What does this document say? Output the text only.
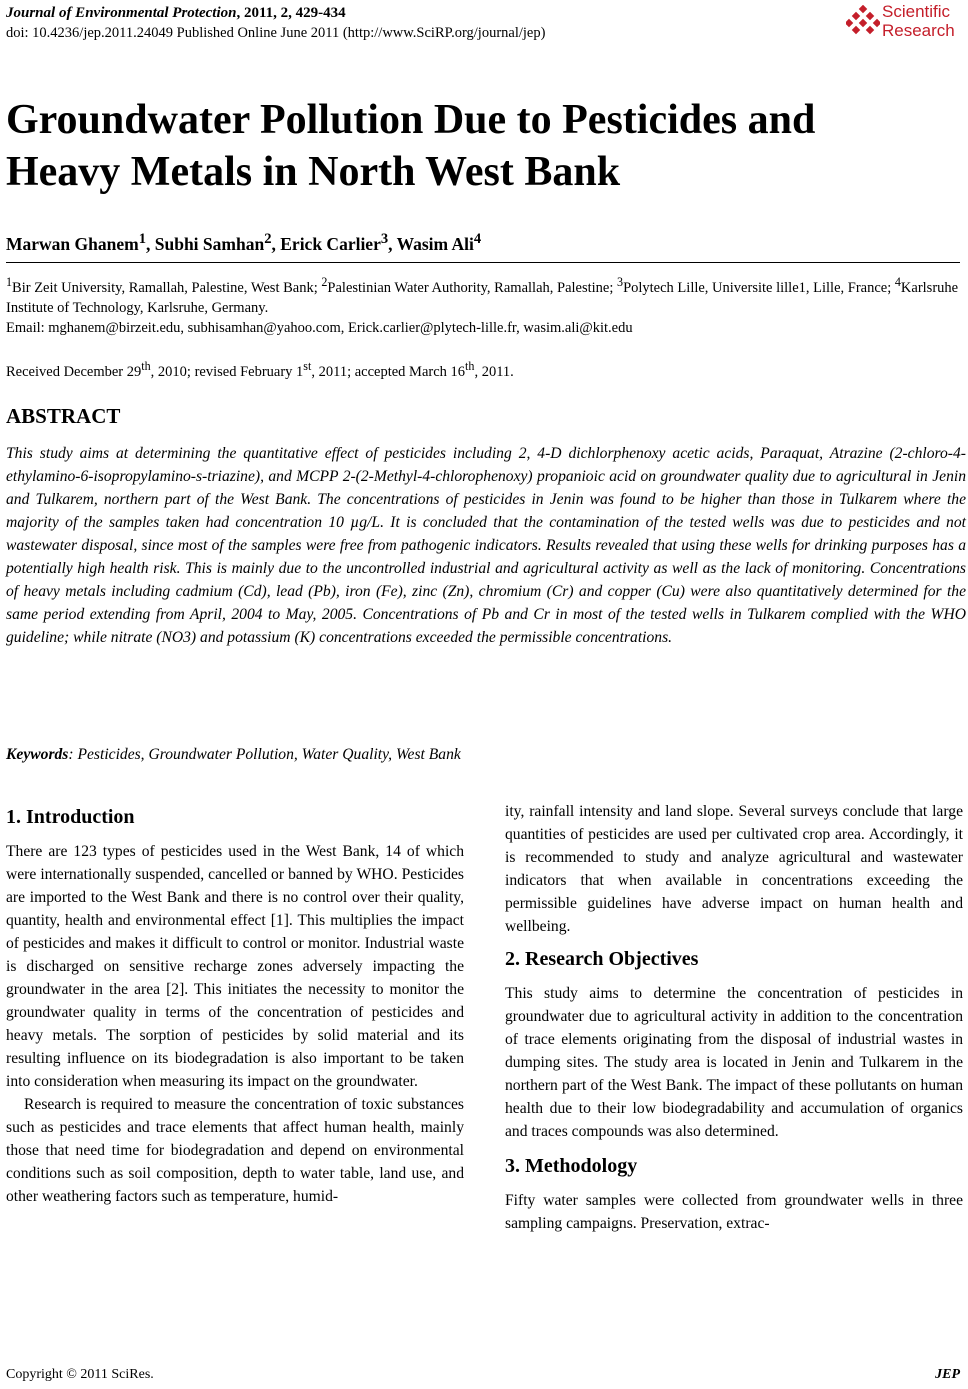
Journal of Environmental Protection, 2011, 2, 429-434
doi: 10.4236/jep.2011.24049 Published Online June 2011 (http://www.SciRP.org/journal/jep)
Scientific
Research
Groundwater Pollution Due to Pesticides and
Heavy Metals in North West Bank
Marwan Ghanem$^1$, Subhi Samhan$^2$, Erick Carlier$^3$, Wasim Ali$^4$
$^1$Bir Zeit University, Ramallah, Palestine, West Bank; $^2$Palestinian Water Authority, Ramallah, Palestine; $^3$Polytech Lille, Universite lille1, Lille, France; $^4$Karlsruhe Institute of Technology, Karlsruhe, Germany.
Email: mghanem@birzeit.edu, subhisamhan@yahoo.com, Erick.carlier@plytech-lille.fr, wasim.ali@kit.edu
Received December 29th, 2010; revised February 1st, 2011; accepted March 16th, 2011.
ABSTRACT
This study aims at determining the quantitative effect of pesticides including 2, 4-D dichlorphenoxy acetic acids, Paraquat, Atrazine (2-chloro-4-ethylamino-6-isopropylamino-s-triazine), and MCPP 2-(2-Methyl-4-chlorophenoxy) propanioic acid on groundwater quality due to agricultural in Jenin and Tulkarem, northern part of the West Bank. The concentrations of pesticides in Jenin was found to be higher than those in Tulkarem where the majority of the samples taken had concentration 10 µg/L. It is concluded that the contamination of the tested wells was due to pesticides and not wastewater disposal, since most of the samples were free from pathogenic indicators. Results revealed that using these wells for drinking purposes has a potentially high health risk. This is mainly due to the uncontrolled industrial and agricultural activity as well as the lack of monitoring. Concentrations of heavy metals including cadmium (Cd), lead (Pb), iron (Fe), zinc (Zn), chromium (Cr) and copper (Cu) were also quantitatively determined for the same period extending from April, 2004 to May, 2005. Concentrations of Pb and Cr in most of the tested wells in Tulkarem complied with the WHO guideline; while nitrate (NO3) and potassium (K) concentrations exceeded the permissible concentrations.
Keywords: Pesticides, Groundwater Pollution, Water Quality, West Bank
1. Introduction

There are 123 types of pesticides used in the West Bank, 14 of which were internationally suspended, cancelled or banned by WHO. Pesticides are imported to the West Bank and there is no control over their quality, quantity, health and environmental effect [1]. This multiplies the impact of pesticides and makes it difficult to control or monitor. Industrial waste is discharged on sensitive recharge zones adversely impacting the groundwater in the area [2]. This initiates the necessity to monitor the groundwater quality in terms of the concentration of pesticides and heavy metals. The sorption of pesticides by solid material and its resulting influence on its biodegradation is also important to be taken into consideration when measuring its impact on the groundwater.

Research is required to measure the concentration of toxic substances such as pesticides and trace elements that affect human health, mainly those that need time for biodegradation and depend on environmental conditions such as soil composition, depth to water table, land use, and other weathering factors such as temperature, humid-

ity, rainfall intensity and land slope. Several surveys conclude that large quantities of pesticides are used per cultivated crop area. Accordingly, it is recommended to study and analyze agricultural and wastewater indicators that when available in concentrations exceeding the permissible guidelines have adverse impact on human health and wellbeing.

2. Research Objectives

This study aims to determine the concentration of pesticides in groundwater due to agricultural activity in addition to the concentration of trace elements originating from the disposal of industrial wastes in dumping sites. The study area is located in Jenin and Tulkarem in the northern part of the West Bank. The impact of these pollutants on human health due to their low biodegradability and accumulation of organics and traces compounds was also determined.

3. Methodology

Fifty water samples were collected from groundwater wells in three sampling campaigns. Preservation, extrac-

Copyright © 2011 SciRes.	JEP
